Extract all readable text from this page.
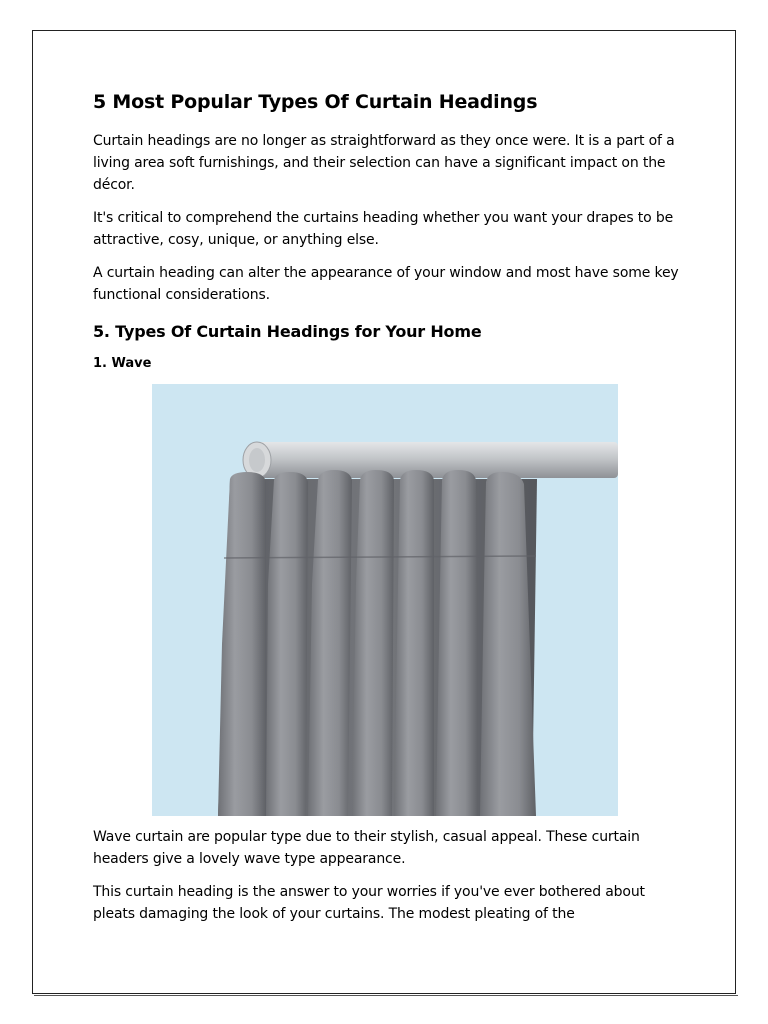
5 Most Popular Types Of Curtain Headings

Curtain headings are no longer as straightforward as they once were. It is a part of a living area soft furnishings, and their selection can have a significant impact on the décor.

It's critical to comprehend the curtains heading whether you want your drapes to be attractive, cosy, unique, or anything else.

A curtain heading can alter the appearance of your window and most have some key functional considerations.

5. Types Of Curtain Headings for Your Home
1. Wave

Wave curtain are popular type due to their stylish, casual appeal. These curtain headers give a lovely wave type appearance.

This curtain heading is the answer to your worries if you've ever bothered about pleats damaging the look of your curtains. The modest pleating of the
